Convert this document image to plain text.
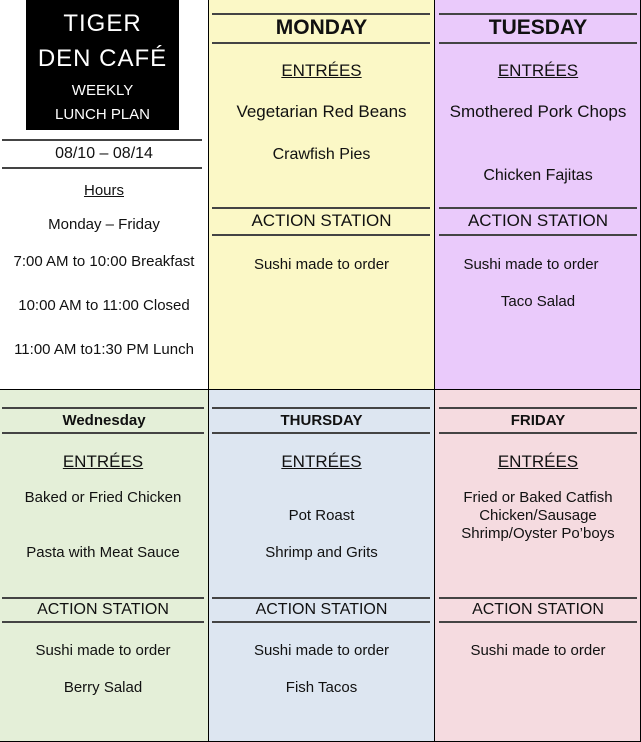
TIGER
DEN CAFÉ
WEEKLY
LUNCH PLAN
08/10 – 08/14
Hours
Monday – Friday
7:00 AM to 10:00 Breakfast
10:00 AM to 11:00 Closed
11:00 AM to1:30 PM Lunch
MONDAY
ENTRÉES
Vegetarian Red Beans
Crawfish Pies
ACTION STATION
Sushi made to order
TUESDAY
ENTRÉES
Smothered Pork Chops
Chicken Fajitas
ACTION STATION
Sushi made to order
Taco Salad
Wednesday
ENTRÉES
Baked or Fried Chicken
Pasta with Meat Sauce
ACTION STATION
Sushi made to order
Berry Salad
THURSDAY
ENTRÉES
Pot Roast
Shrimp and Grits
ACTION STATION
Sushi made to order
Fish Tacos
FRIDAY
ENTRÉES
Fried or Baked Catfish
Chicken/Sausage
Shrimp/Oyster Po’boys
ACTION STATION
Sushi made to order
